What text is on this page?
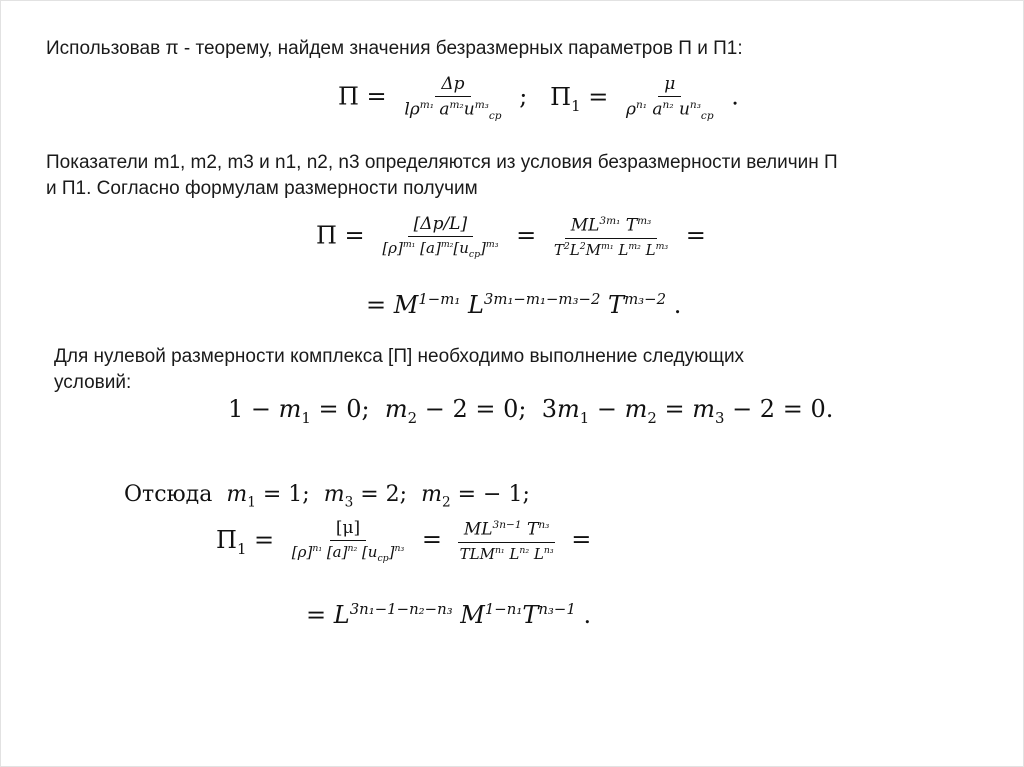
Использовав π - теорему, найдем значения безразмерных параметров П и П1:
$П = \frac{\Delta p}{l\rho^{m_1} a^{m_2}u^{m_3}_{ср}}$ ; $П_1 = \frac{\mu}{\rho^{n_1} a^{n_2} u^{n_3}_{ср}}$ .
Показатели m1, m2, m3 и n1, n2, n3 определяются из условия безразмерности величин П
и П1. Согласно формулам размерности получим
$П = \frac{[\Delta p/L]}{[\rho]^{m_1} [a]^{m_2}[u_{ср}]^{m_3}} = \frac{ML^{3m_1} T^{m_3}}{T^2L^2M^{m_1} L^{m_2} L^{m_3}}$ =
= $M^{1-m_1}$ $L^{3m_1-m_1-m_3-2}$ $T^{m_3-2}$ .
Для нулевой размерности комплекса [П] необходимо выполнение следующих
условий:
$1 - m_1 = 0$;  $m_2 - 2 = 0$;  $3m_1 - m_2 = m_3 - 2 = 0$.
Отсюда  $m_1 = 1$;  $m_3 = 2$;  $m_2$ = − 1;
$П_1 = \frac{[\mu]}{[\rho]^{n_1} [a]^{n_2} [u_{ср}]^{n_3}} = \frac{ML^{3n-1} T^{n_3}}{TLM^{n_1} L^{n_2} L^{n_3}}$ =
= $L^{3n_1-1-n_2-n_3}$ $M^{1-n_1}T^{n_3-1}$ .
